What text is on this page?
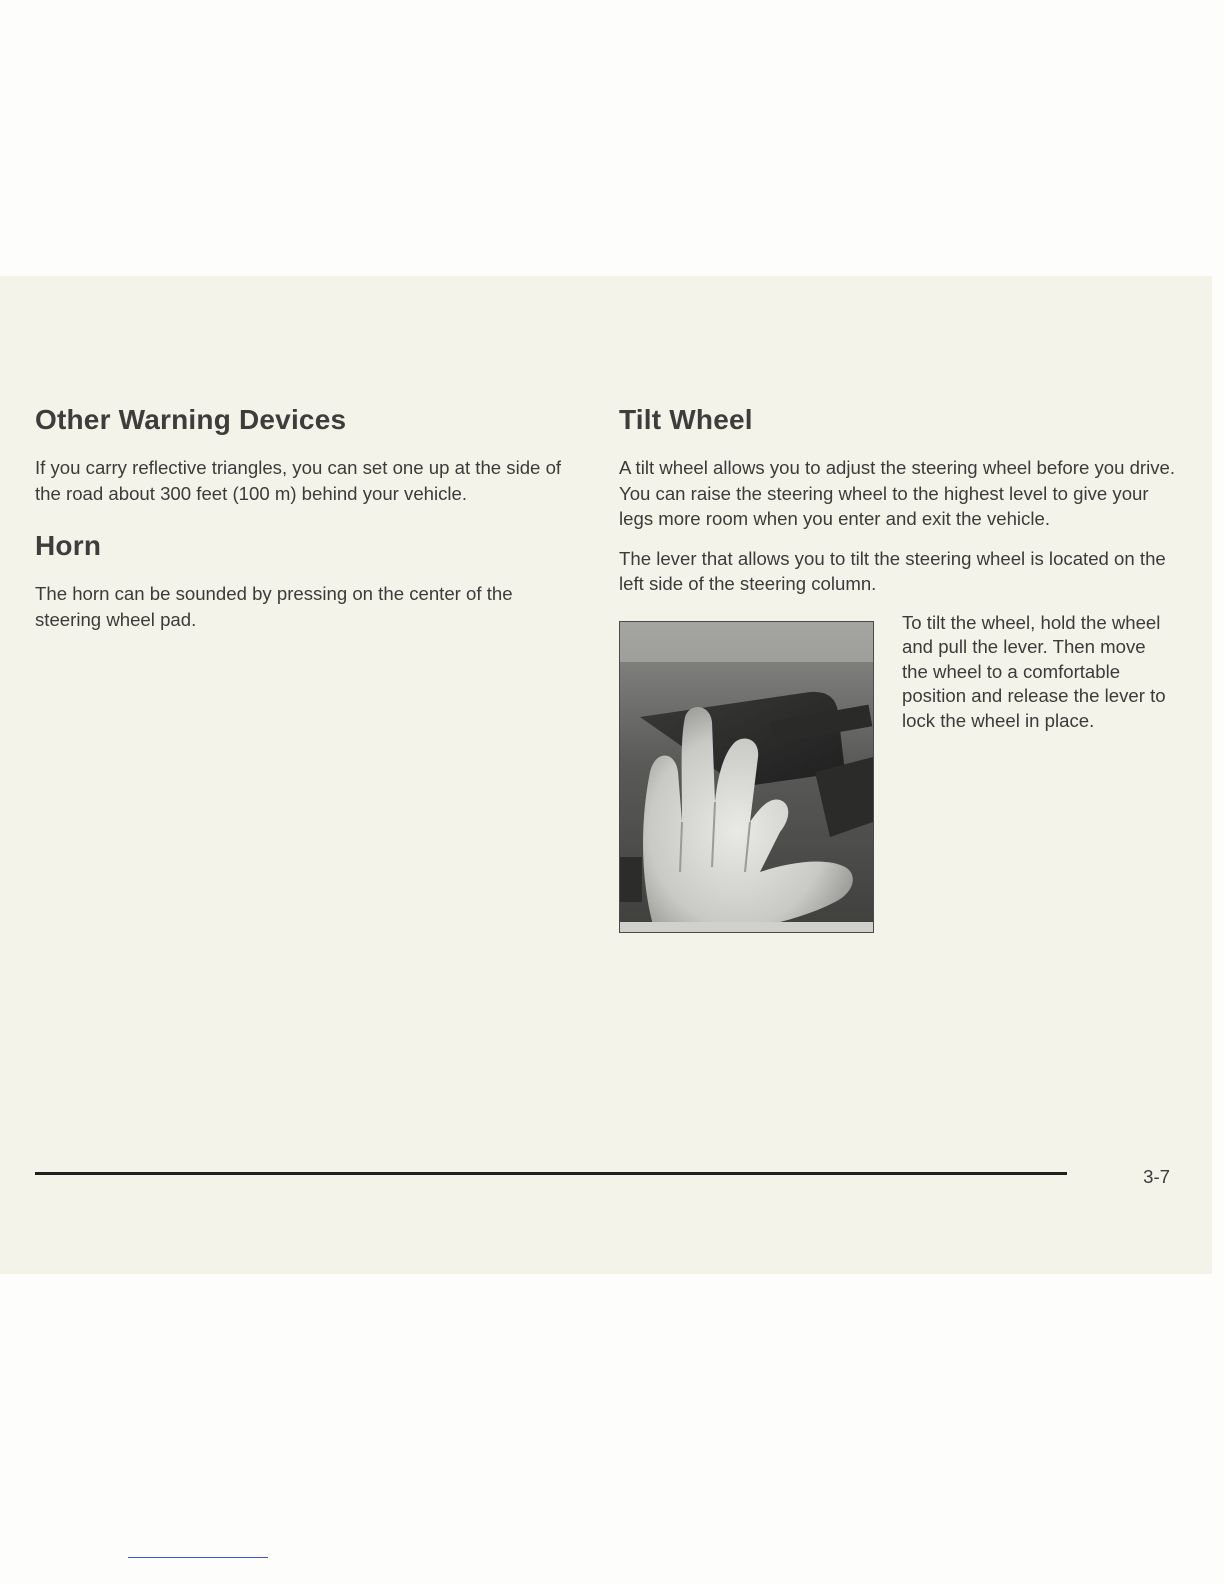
Other Warning Devices

If you carry reflective triangles, you can set one up at the side of the road about 300 feet (100 m) behind your vehicle.

Horn

The horn can be sounded by pressing on the center of the steering wheel pad.

Tilt Wheel

A tilt wheel allows you to adjust the steering wheel before you drive. You can raise the steering wheel to the highest level to give your legs more room when you enter and exit the vehicle.

The lever that allows you to tilt the steering wheel is located on the left side of the steering column.

To tilt the wheel, hold the wheel and pull the lever. Then move the wheel to a comfortable position and release the lever to lock the wheel in place.
3-7
